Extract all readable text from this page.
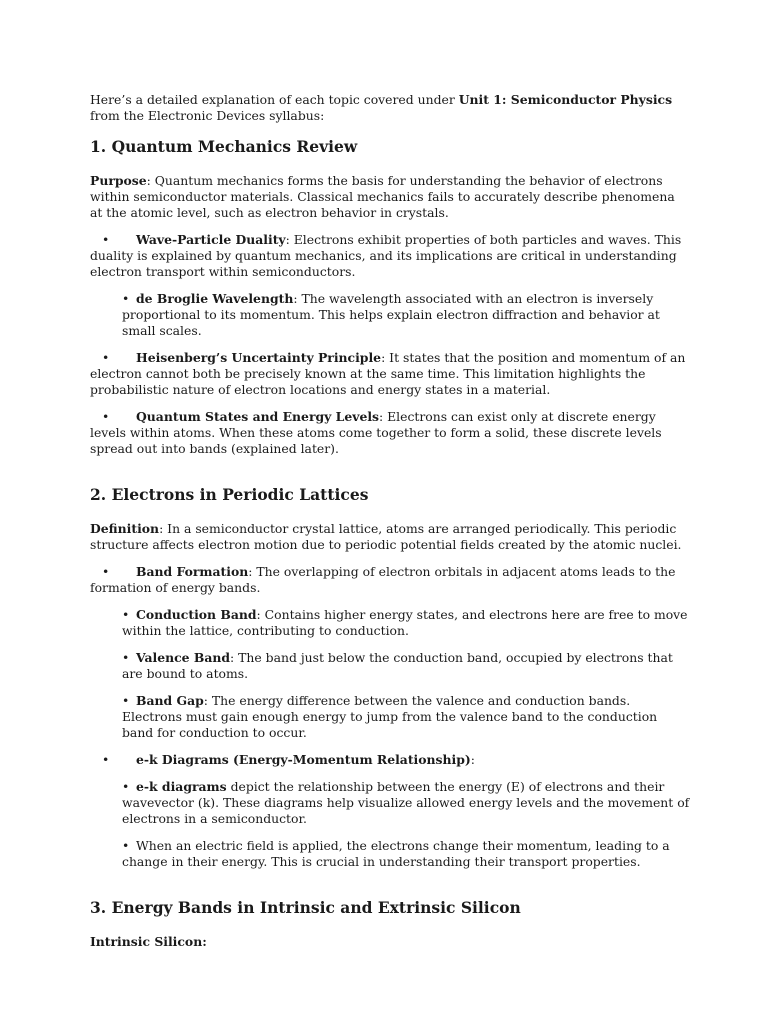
Here’s a detailed explanation of each topic covered under Unit 1: Semiconductor Physics from the Electronic Devices syllabus:

1. Quantum Mechanics Review

Purpose: Quantum mechanics forms the basis for understanding the behavior of electrons within semiconductor materials. Classical mechanics fails to accurately describe phenomena at the atomic level, such as electron behavior in crystals.

• Wave-Particle Duality: Electrons exhibit properties of both particles and waves. This duality is explained by quantum mechanics, and its implications are critical in understanding electron transport within semiconductors.

• de Broglie Wavelength: The wavelength associated with an electron is inversely proportional to its momentum. This helps explain electron diffraction and behavior at small scales.

• Heisenberg’s Uncertainty Principle: It states that the position and momentum of an electron cannot both be precisely known at the same time. This limitation highlights the probabilistic nature of electron locations and energy states in a material.

• Quantum States and Energy Levels: Electrons can exist only at discrete energy levels within atoms. When these atoms come together to form a solid, these discrete levels spread out into bands (explained later).

2. Electrons in Periodic Lattices

Definition: In a semiconductor crystal lattice, atoms are arranged periodically. This periodic structure affects electron motion due to periodic potential fields created by the atomic nuclei.

• Band Formation: The overlapping of electron orbitals in adjacent atoms leads to the formation of energy bands.

• Conduction Band: Contains higher energy states, and electrons here are free to move within the lattice, contributing to conduction.

• Valence Band: The band just below the conduction band, occupied by electrons that are bound to atoms.

• Band Gap: The energy difference between the valence and conduction bands. Electrons must gain enough energy to jump from the valence band to the conduction band for conduction to occur.

• e-k Diagrams (Energy-Momentum Relationship):

• e-k diagrams depict the relationship between the energy (E) of electrons and their wavevector (k). These diagrams help visualize allowed energy levels and the movement of electrons in a semiconductor.

• When an electric field is applied, the electrons change their momentum, leading to a change in their energy. This is crucial in understanding their transport properties.

3. Energy Bands in Intrinsic and Extrinsic Silicon

Intrinsic Silicon:
